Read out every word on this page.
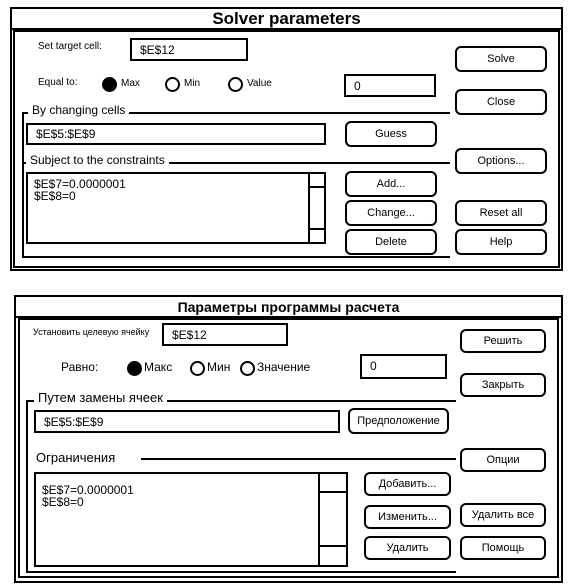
Solver parameters
Set target cell:	$E$12
Equal to:	Max	Min	Value	0
By changing cells
$E$5:$E$9	Guess
Subject to the constraints
$E$7=0.0000001
$E$8=0
Add...
Change...
Delete
Solve
Close
Options...
Reset all
Help
Параметры программы расчета
Установить целевую ячейку	$E$12
Равно:	Макс	Мин Значение	0
Путем замены ячеек
$E$5:$E$9	Предположение
Ограничения
$E$7=0.0000001
$E$8=0
Добавить...
Изменить...
Удалить
Решить
Закрыть
Опции
Удалить все
Помощь
